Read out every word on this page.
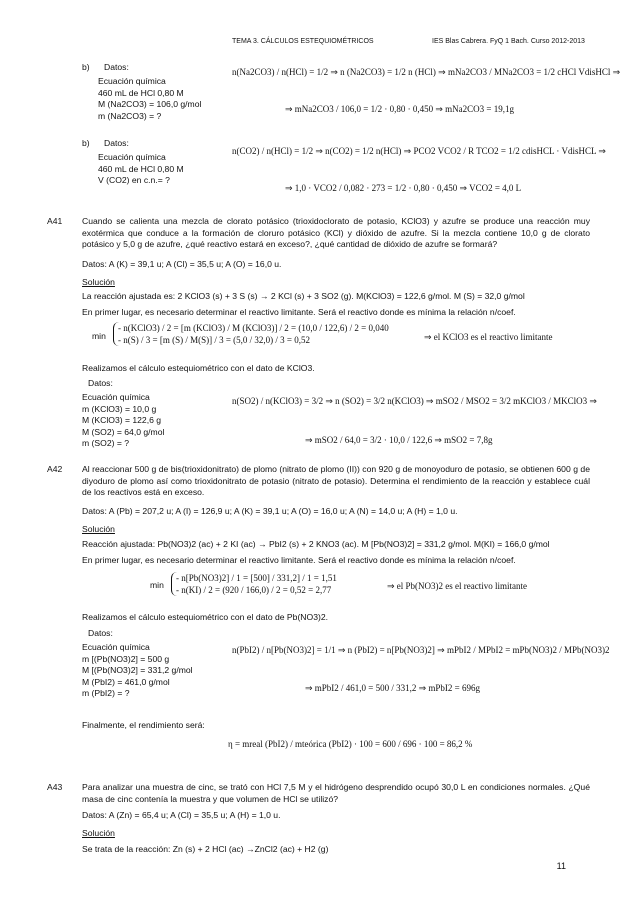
TEMA 3. CÁLCULOS ESTEQUIOMÉTRICOS	IES Blas Cabrera. FyQ 1 Bach. Curso 2012-2013
b) Datos:
Ecuación química
460 mL de HCl 0,80 M
M (Na2CO3) = 106,0 g/mol
m (Na2CO3) = ?
n(Na2CO3) / n(HCl) = 1/2 ⇒ n (Na2CO3) = 1/2 n (HCl) ⇒ mNa2CO3 / MNa2CO3 = 1/2 cHCl VdisHCl ⇒
⇒ mNa2CO3 / 106,0 = 1/2 · 0,80 · 0,450 ⇒ mNa2CO3 = 19,1g
b) Datos:
Ecuación química
460 mL de HCl 0,80 M
V (CO2) en c.n.= ?
n(CO2) / n(HCl) = 1/2 ⇒ n(CO2) = 1/2 n(HCl) ⇒ PCO2 VCO2 / R TCO2 = 1/2 cdisHCL · VdisHCL ⇒
⇒ 1,0 · VCO2 / 0,082 · 273 = 1/2 · 0,80 · 0,450 ⇒ VCO2 = 4,0 L
A41 Cuando se calienta una mezcla de clorato potásico (trioxidoclorato de potasio, KClO3) y azufre se produce una reacción muy exotérmica que conduce a la formación de cloruro potásico (KCl) y dióxido de azufre. Si la mezcla contiene 10,0 g de clorato potásico y 5,0 g de azufre, ¿qué reactivo estará en exceso?, ¿qué cantidad de dióxido de azufre se formará?
Datos: A (K) = 39,1 u; A (Cl) = 35,5 u; A (O) = 16,0 u.
Solución
La reacción ajustada es: 2 KClO3 (s) + 3 S (s) → 2 KCl (s) + 3 SO2 (g). M(KClO3) = 122,6 g/mol. M (S) = 32,0 g/mol
En primer lugar, es necesario determinar el reactivo limitante. Será el reactivo donde es mínima la relación n/coef.
min
- n(KClO3) / 2 = [m (KClO3) / M (KClO3)] / 2 = (10,0 / 122,6) / 2 = 0,040
- n(S) / 3 = [m (S) / M(S)] / 3 = (5,0 / 32,0) / 3 = 0,52	⇒ el KClO3 es el reactivo limitante
Realizamos el cálculo estequiométrico con el dato de KClO3.
Datos:
Ecuación química
m (KClO3) = 10,0 g
M (KClO3) = 122,6 g
M (SO2) = 64,0 g/mol
m (SO2) = ?
n(SO2) / n(KClO3) = 3/2 ⇒ n (SO2) = 3/2 n(KClO3) ⇒ mSO2 / MSO2 = 3/2 mKClO3 / MKClO3 ⇒
⇒ mSO2 / 64,0 = 3/2 · 10,0 / 122,6 ⇒ mSO2 = 7,8g
A42 Al reaccionar 500 g de bis(trioxidonitrato) de plomo (nitrato de plomo (II)) con 920 g de monoyoduro de potasio, se obtienen 600 g de diyoduro de plomo así como trioxidonitrato de potasio (nitrato de potasio). Determina el rendimiento de la reacción y establece cuál de los reactivos está en exceso.
Datos: A (Pb) = 207,2 u; A (I) = 126,9 u; A (K) = 39,1 u; A (O) = 16,0 u; A (N) = 14,0 u; A (H) = 1,0 u.
Solución
Reacción ajustada: Pb(NO3)2 (ac) + 2 KI (ac) → PbI2 (s) + 2 KNO3 (ac). M [Pb(NO3)2] = 331,2 g/mol. M(KI) = 166,0 g/mol
En primer lugar, es necesario determinar el reactivo limitante. Será el reactivo donde es mínima la relación n/coef.
min
- n[Pb(NO3)2] / 1 = [500] / 331,2] / 1 = 1,51
- n(KI) / 2 = (920 / 166,0) / 2 = 0,52 = 2,77	⇒ el Pb(NO3)2 es el reactivo limitante
Realizamos el cálculo estequiométrico con el dato de Pb(NO3)2.
Datos:
Ecuación química
m [(Pb(NO3)2] = 500 g
M [(Pb(NO3)2] = 331,2 g/mol
M (PbI2) = 461,0 g/mol
m (PbI2) = ?
n(PbI2) / n[Pb(NO3)2] = 1/1 ⇒ n (PbI2) = n[Pb(NO3)2] ⇒ mPbI2 / MPbI2 = mPb(NO3)2 / MPb(NO3)2
⇒ mPbI2 / 461,0 = 500 / 331,2 ⇒ mPbI2 = 696g
Finalmente, el rendimiento será:
η = mreal (PbI2) / mteórica (PbI2) · 100 = 600 / 696 · 100 = 86,2 %
A43 Para analizar una muestra de cinc, se trató con HCl 7,5 M y el hidrógeno desprendido ocupó 30,0 L en condiciones normales. ¿Qué masa de cinc contenía la muestra y que volumen de HCl se utilizó?
Datos: A (Zn) = 65,4 u; A (Cl) = 35,5 u; A (H) = 1,0 u.
Solución
Se trata de la reacción: Zn (s) + 2 HCl (ac) →ZnCl2 (ac) + H2 (g)
11
